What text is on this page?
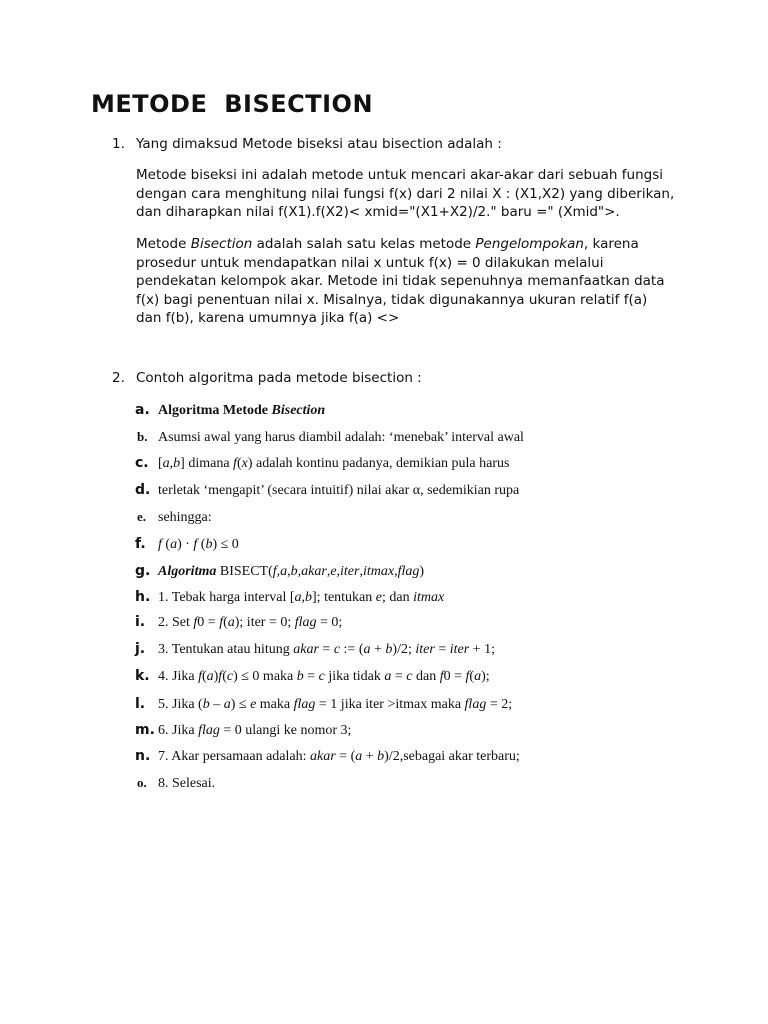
METODE BISECTION
1. Yang dimaksud Metode biseksi atau bisection adalah :
Metode biseksi ini adalah metode untuk mencari akar-akar dari sebuah fungsi
dengan cara menghitung nilai fungsi f(x) dari 2 nilai X : (X1,X2) yang diberikan,
dan diharapkan nilai f(X1).f(X2)< xmid="(X1+X2)/2." baru =" (Xmid">.
Metode Bisection adalah salah satu kelas metode Pengelompokan, karena
prosedur untuk mendapatkan nilai x untuk f(x) = 0 dilakukan melalui
pendekatan kelompok akar. Metode ini tidak sepenuhnya memanfaatkan data
f(x) bagi penentuan nilai x. Misalnya, tidak digunakannya ukuran relatif f(a)
dan f(b), karena umumnya jika f(a) <>
2. Contoh algoritma pada metode bisection :
a. Algoritma Metode Bisection
b. Asumsi awal yang harus diambil adalah: ‘menebak’ interval awal
c. [a,b] dimana f(x) adalah kontinu padanya, demikian pula harus
d. terletak ‘mengapit’ (secara intuitif) nilai akar α, sedemikian rupa
e. sehingga:
f. f (a) · f (b) ≤ 0
g. Algoritma BISECT(f,a,b,akar,e,iter,itmax,flag)
h. 1. Tebak harga interval [a,b]; tentukan e; dan itmax
i. 2. Set f0 = f(a); iter = 0; flag = 0;
j. 3. Tentukan atau hitung akar = c := (a + b)/2; iter = iter + 1;
k. 4. Jika f(a)f(c) ≤ 0 maka b = c jika tidak a = c dan f0 = f(a);
l. 5. Jika (b – a) ≤ e maka flag = 1 jika iter >itmax maka flag = 2;
m. 6. Jika flag = 0 ulangi ke nomor 3;
n. 7. Akar persamaan adalah: akar = (a + b)/2,sebagai akar terbaru;
o. 8. Selesai.
